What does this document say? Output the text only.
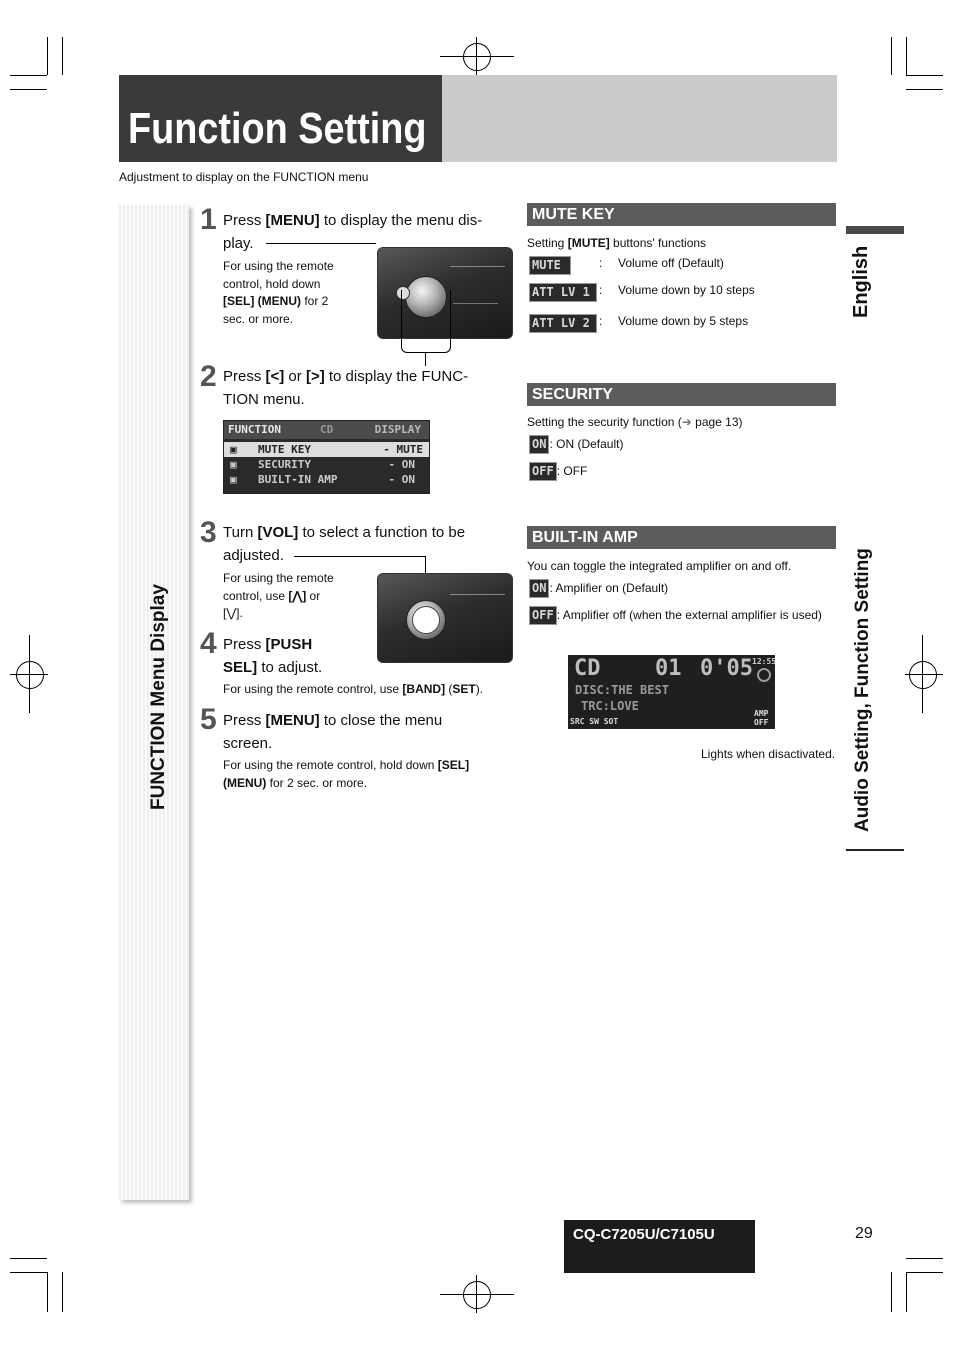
Function Setting
Adjustment to display on the FUNCTION menu
FUNCTION Menu Display
1 Press [MENU] to display the menu dis-
play.
For using the remote
control, hold down
[SEL] (MENU) for 2
sec. or more.
2 Press [<] or [>] to display the FUNC-
TION menu.
FUNCTION	CD	DISPLAY
▣ MUTE KEY	- MUTE
▣ SECURITY	- ON
▣ BUILT-IN AMP	- ON
3 Turn [VOL] to select a function to be
adjusted.
For using the remote
control, use [⋀] or
[⋁].
4 Press [PUSH
SEL] to adjust.
For using the remote control, use [BAND] (SET).
5 Press [MENU] to close the menu
screen.
For using the remote control, hold down [SEL]
(MENU) for 2 sec. or more.
MUTE KEY
Setting [MUTE] buttons' functions
MUTE	: Volume off (Default)
ATT LV 1 : Volume down by 10 steps
ATT LV 2 : Volume down by 5 steps
SECURITY
Setting the security function (➜ page 13)
ON : ON (Default)
OFF : OFF
BUILT-IN AMP
You can toggle the integrated amplifier on and off.
ON : Amplifier on (Default)
OFF : Amplifier off (when the external amplifier is used)
CD 01 0'05 12:55
DISC:THE BEST
TRC:LOVE
SRC SW SOT
AMP
OFF
Lights when disactivated.
English
Audio Setting, Function Setting
CQ-C7205U/C7105U	29
